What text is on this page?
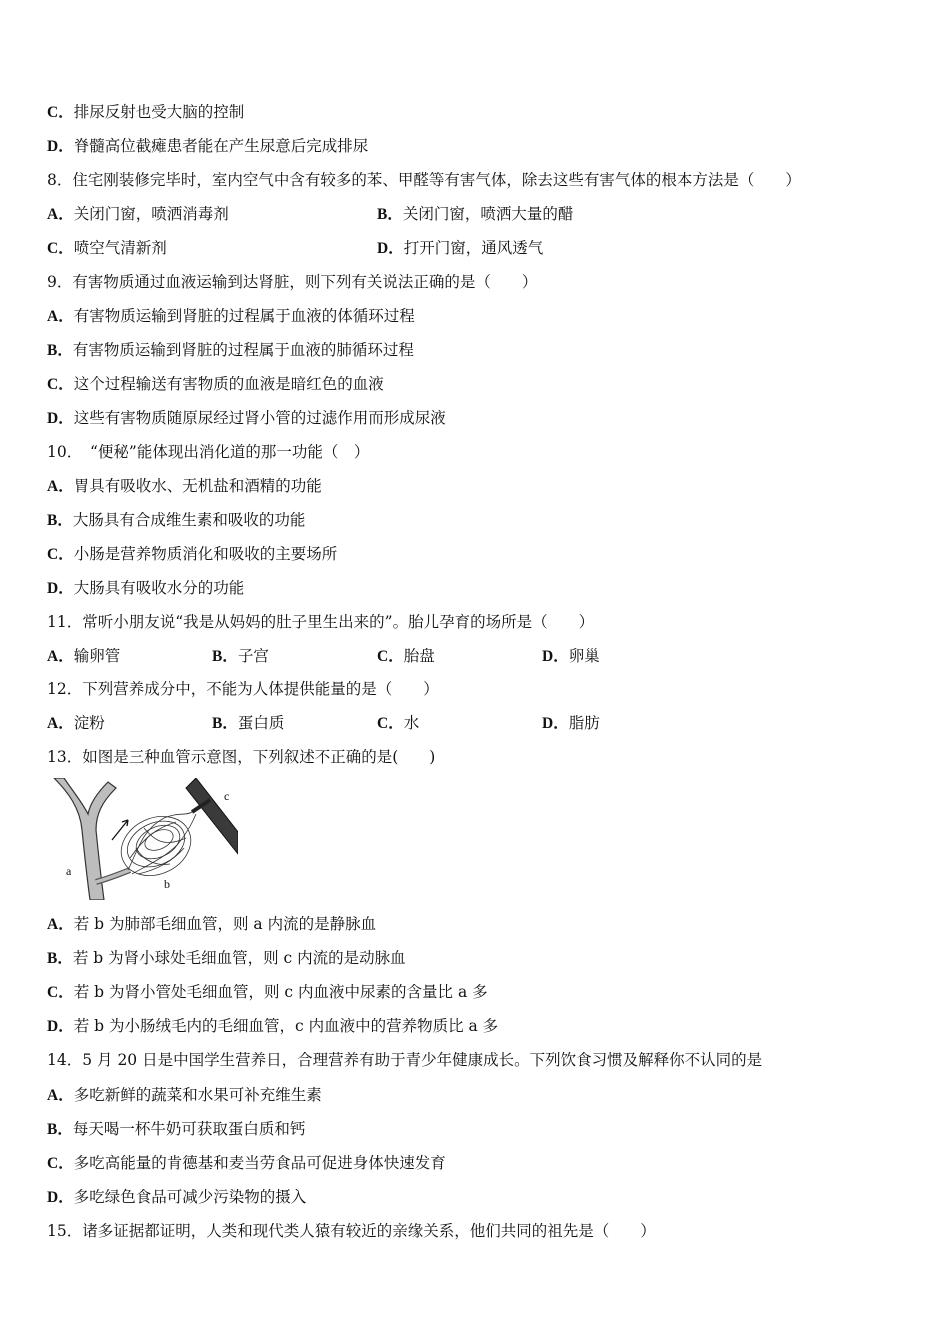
C．排尿反射也受大脑的控制
D．脊髓高位截瘫患者能在产生尿意后完成排尿
8．住宅刚装修完毕时，室内空气中含有较多的苯、甲醛等有害气体，除去这些有害气体的根本方法是（　　）
A．关闭门窗，喷洒消毒剂	B．关闭门窗，喷洒大量的醋
C．喷空气清新剂	D．打开门窗，通风透气
9．有害物质通过血液运输到达肾脏，则下列有关说法正确的是（　　）
A．有害物质运输到肾脏的过程属于血液的体循环过程
B．有害物质运输到肾脏的过程属于血液的肺循环过程
C．这个过程输送有害物质的血液是暗红色的血液
D．这些有害物质随原尿经过肾小管的过滤作用而形成尿液
10．　“便秘”能体现出消化道的那一功能（　）
A．胃具有吸收水、无机盐和酒精的功能
B．大肠具有合成维生素和吸收的功能
C．小肠是营养物质消化和吸收的主要场所
D．大肠具有吸收水分的功能
11．常听小朋友说“我是从妈妈的肚子里生出来的”。胎儿孕育的场所是（　　）
A．输卵管	B．子宫	C．胎盘	D．卵巢
12．下列营养成分中，不能为人体提供能量的是（　　）
A．淀粉	B．蛋白质	C．水	D．脂肪
13．如图是三种血管示意图，下列叙述不正确的是(　　)
a
b
c
A．若 b 为肺部毛细血管，则 a 内流的是静脉血
B．若 b 为肾小球处毛细血管，则 c 内流的是动脉血
C．若 b 为肾小管处毛细血管，则 c 内血液中尿素的含量比 a 多
D．若 b 为小肠绒毛内的毛细血管，c 内血液中的营养物质比 a 多
14．5 月 20 日是中国学生营养日，合理营养有助于青少年健康成长。下列饮食习惯及解释你不认同的是
A．多吃新鲜的蔬菜和水果可补充维生素
B．每天喝一杯牛奶可获取蛋白质和钙
C．多吃高能量的肯德基和麦当劳食品可促进身体快速发育
D．多吃绿色食品可减少污染物的摄入
15．诸多证据都证明，人类和现代类人猿有较近的亲缘关系，他们共同的祖先是（　　）
